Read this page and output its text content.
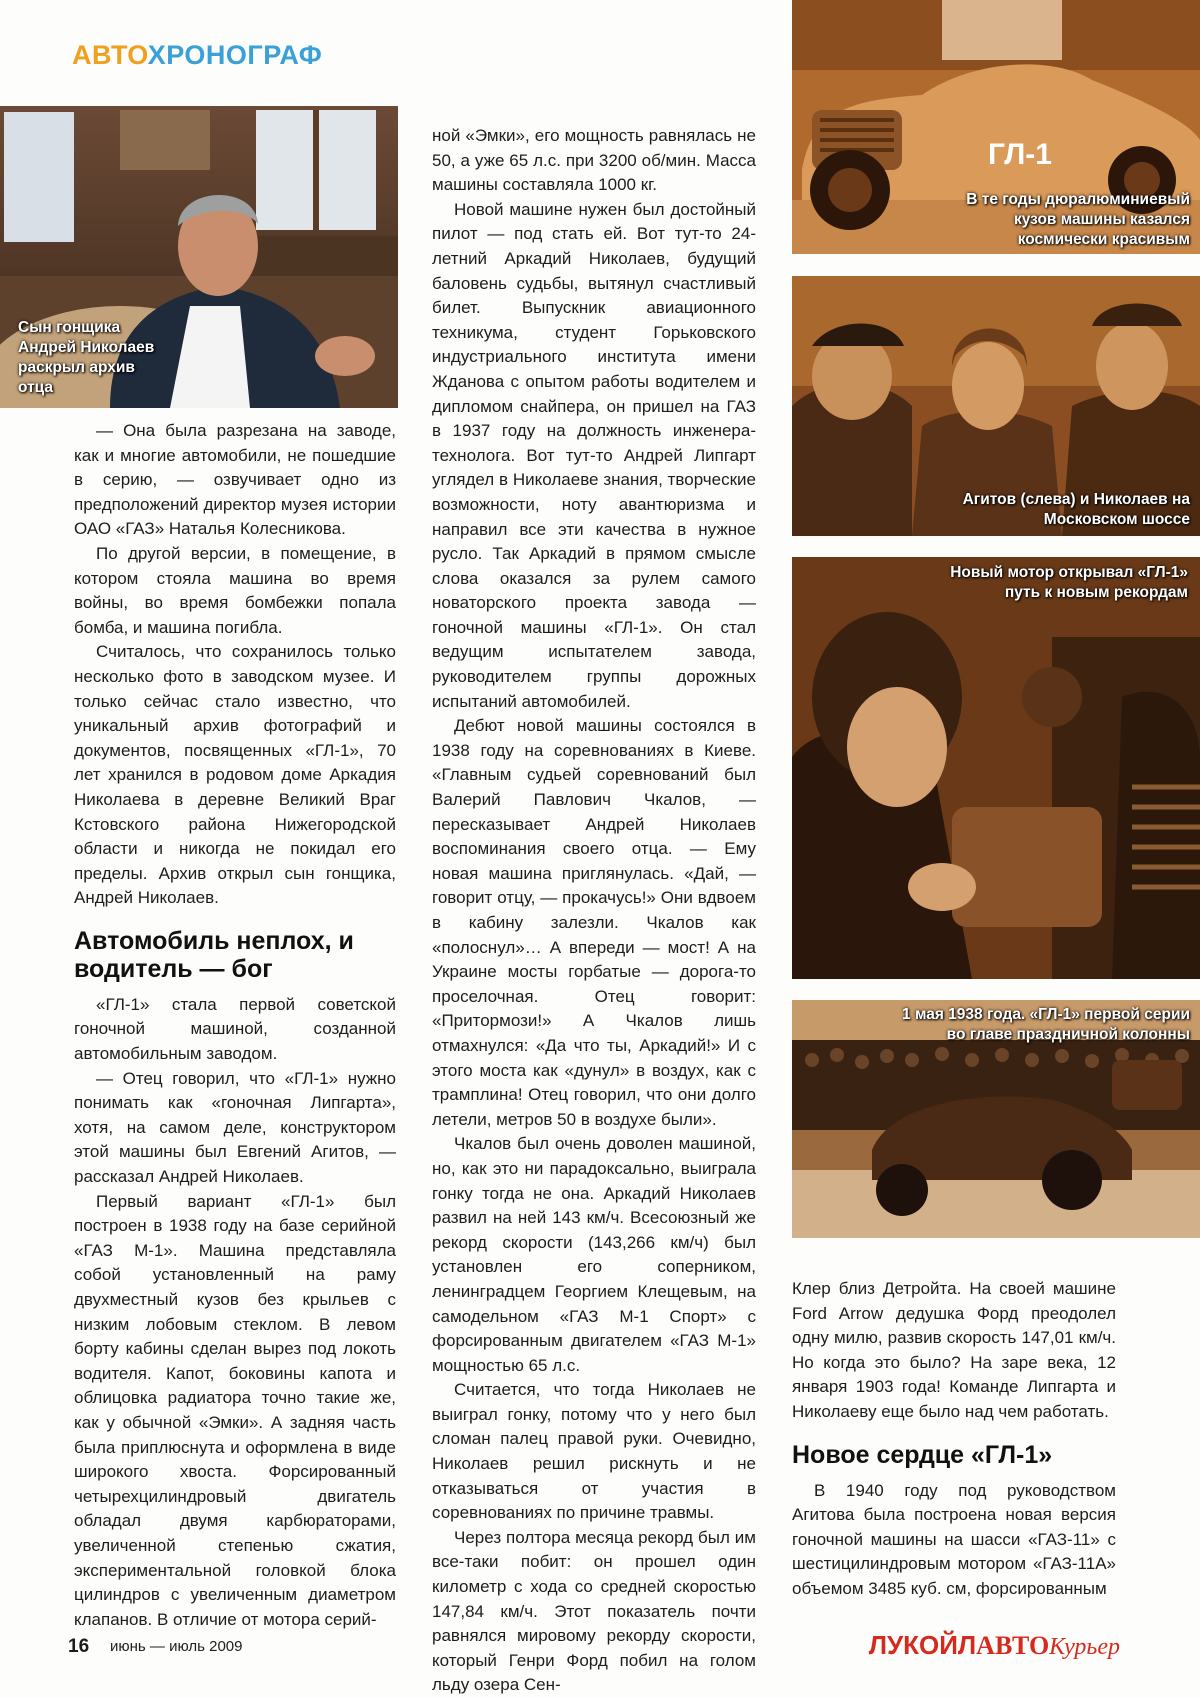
АВТОХРОНОГРАФ
Сын гонщика Андрей Николаев раскрыл архив отца
ГЛ-1
В те годы дюралюминиевый кузов машины казался космически красивым
Агитов (слева) и Николаев на Московском шоссе
Новый мотор открывал «ГЛ-1» путь к новым рекордам
1 мая 1938 года. «ГЛ-1» первой серии во главе праздничной колонны

— Она была разрезана на заводе, как и многие автомобили, не пошедшие в серию, — озвучивает одно из предположений директор музея истории ОАО «ГАЗ» Наталья Колесникова.

По другой версии, в помещение, в котором стояла машина во время войны, во время бомбежки попала бомба, и машина погибла.

Считалось, что сохранилось только несколько фото в заводском музее. И только сейчас стало известно, что уникальный архив фотографий и документов, посвященных «ГЛ-1», 70 лет хранился в родовом доме Аркадия Николаева в деревне Великий Враг Кстовского района Нижегородской области и никогда не покидал его пределы. Архив открыл сын гонщика, Андрей Николаев.

Автомобиль неплох, и водитель — бог

«ГЛ-1» стала первой советской гоночной машиной, созданной автомобильным заводом.

— Отец говорил, что «ГЛ-1» нужно понимать как «гоночная Липгарта», хотя, на самом деле, конструктором этой машины был Евгений Агитов, — рассказал Андрей Николаев.

Первый вариант «ГЛ-1» был построен в 1938 году на базе серийной «ГАЗ М-1». Машина представляла собой установленный на раму двухместный кузов без крыльев с низким лобовым стеклом. В левом борту кабины сделан вырез под локоть водителя. Капот, боковины капота и облицовка радиатора точно такие же, как у обычной «Эмки». А задняя часть была приплюснута и оформлена в виде широкого хвоста. Форсированный четырехцилиндровый двигатель обладал двумя карбюраторами, увеличенной степенью сжатия, экспериментальной головкой блока цилиндров с увеличенным диаметром клапанов. В отличие от мотора серий-

ной «Эмки», его мощность равнялась не 50, а уже 65 л.с. при 3200 об/мин. Масса машины составляла 1000 кг.

Новой машине нужен был достойный пилот — под стать ей. Вот тут-то 24-летний Аркадий Николаев, будущий баловень судьбы, вытянул счастливый билет. Выпускник авиационного техникума, студент Горьковского индустриального института имени Жданова с опытом работы водителем и дипломом снайпера, он пришел на ГАЗ в 1937 году на должность инженера-технолога. Вот тут-то Андрей Липгарт углядел в Николаеве знания, творческие возможности, ноту авантюризма и направил все эти качества в нужное русло. Так Аркадий в прямом смысле слова оказался за рулем самого новаторского проекта завода — гоночной машины «ГЛ-1». Он стал ведущим испытателем завода, руководителем группы дорожных испытаний автомобилей.

Дебют новой машины состоялся в 1938 году на соревнованиях в Киеве. «Главным судьей соревнований был Валерий Павлович Чкалов, — пересказывает Андрей Николаев воспоминания своего отца. — Ему новая машина приглянулась. «Дай, — говорит отцу, — прокачусь!» Они вдвоем в кабину залезли. Чкалов как «полоснул»… А впереди — мост! А на Украине мосты горбатые — дорога-то проселочная. Отец говорит: «Притормози!» А Чкалов лишь отмахнулся: «Да что ты, Аркадий!» И с этого моста как «дунул» в воздух, как с трамплина! Отец говорил, что они долго летели, метров 50 в воздухе были».

Чкалов был очень доволен машиной, но, как это ни парадоксально, выиграла гонку тогда не она. Аркадий Николаев развил на ней 143 км/ч. Всесоюзный же рекорд скорости (143,266 км/ч) был установлен его соперником, ленинградцем Георгием Клещевым, на самодельном «ГАЗ М-1 Спорт» с форсированным двигателем «ГАЗ М-1» мощностью 65 л.с.

Считается, что тогда Николаев не выиграл гонку, потому что у него был сломан палец правой руки. Очевидно, Николаев решил рискнуть и не отказываться от участия в соревнованиях по причине травмы.

Через полтора месяца рекорд был им все-таки побит: он прошел один километр с хода со средней скоростью 147,84 км/ч. Этот показатель почти равнялся мировому рекорду скорости, который Генри Форд побил на голом льду озера Сен-

Клер близ Детройта. На своей машине Ford Arrow дедушка Форд преодолел одну милю, развив скорость 147,01 км/ч. Но когда это было? На заре века, 12 января 1903 года! Команде Липгарта и Николаеву еще было над чем работать.

Новое сердце «ГЛ-1»

В 1940 году под руководством Агитова была построена новая версия гоночной машины на шасси «ГАЗ-11» с шестицилиндровым мотором «ГАЗ-11А» объемом 3485 куб. см, форсированным

16 июнь — июль 2009	ЛУКОЙЛАВТОКурьер
